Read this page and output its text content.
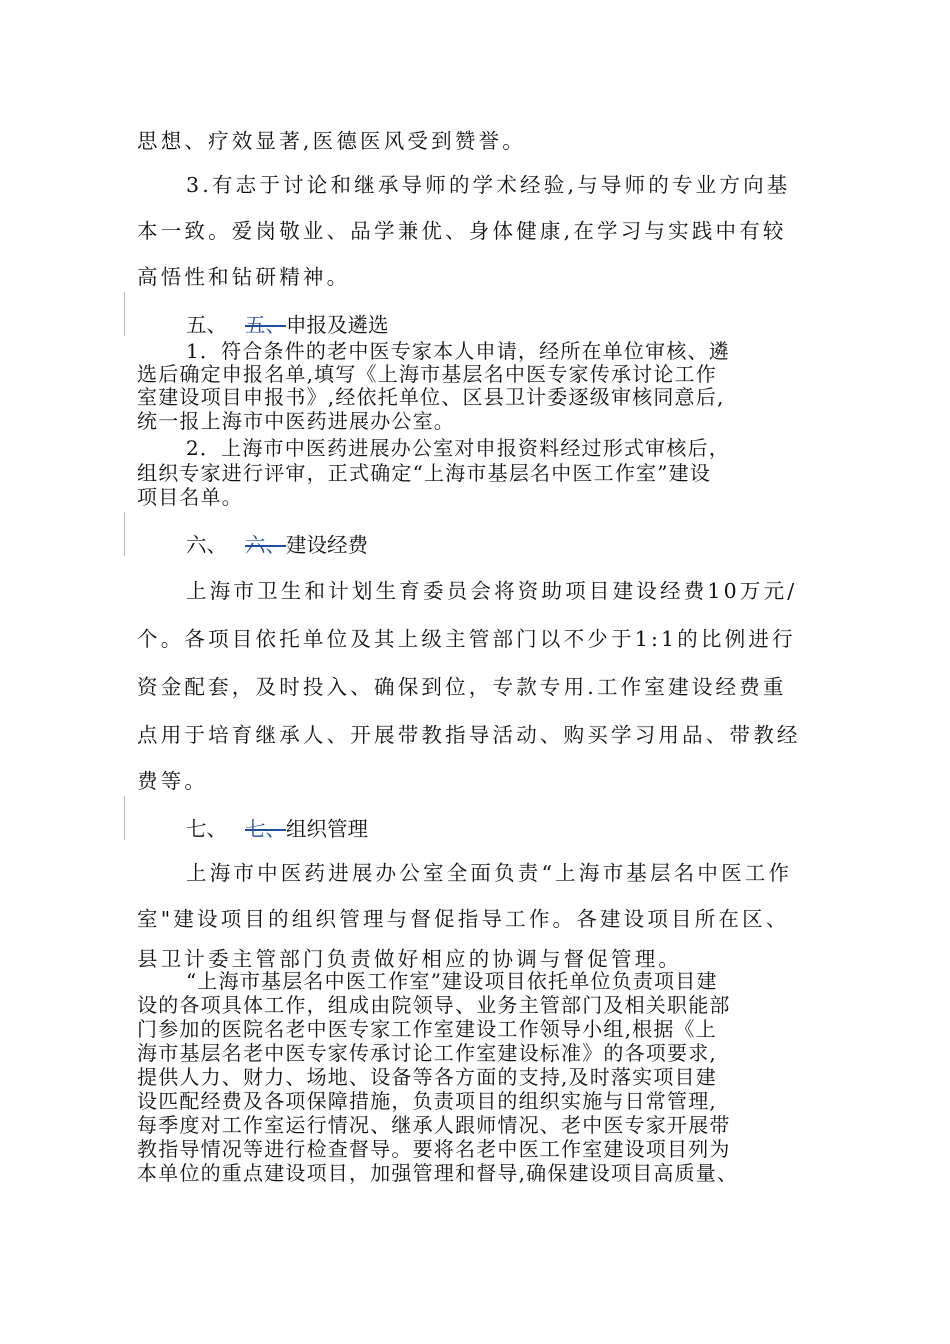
思想、疗效显著,医德医风受到赞誉。
3.有志于讨论和继承导师的学术经验,与导师的专业方向基
本一致。爱岗敬业、品学兼优、身体健康,在学习与实践中有较
高悟性和钻研精神。
五、 五、申报及遴选
1．符合条件的老中医专家本人申请，经所在单位审核、遴
选后确定申报名单,填写《上海市基层名中医专家传承讨论工作
室建设项目申报书》,经依托单位、区县卫计委逐级审核同意后,
统一报上海市中医药进展办公室。
2．上海市中医药进展办公室对申报资料经过形式审核后，
组织专家进行评审，正式确定“上海市基层名中医工作室”建设
项目名单。
六、 六、建设经费
上海市卫生和计划生育委员会将资助项目建设经费10万元/
个。各项目依托单位及其上级主管部门以不少于1:1的比例进行
资金配套，及时投入、确保到位，专款专用.工作室建设经费重
点用于培育继承人、开展带教指导活动、购买学习用品、带教经
费等。
七、 七、组织管理
上海市中医药进展办公室全面负责“上海市基层名中医工作
室"建设项目的组织管理与督促指导工作。各建设项目所在区、
县卫计委主管部门负责做好相应的协调与督促管理。
“上海市基层名中医工作室”建设项目依托单位负责项目建
设的各项具体工作，组成由院领导、业务主管部门及相关职能部
门参加的医院名老中医专家工作室建设工作领导小组,根据《上
海市基层名老中医专家传承讨论工作室建设标准》的各项要求,
提供人力、财力、场地、设备等各方面的支持,及时落实项目建
设匹配经费及各项保障措施，负责项目的组织实施与日常管理,
每季度对工作室运行情况、继承人跟师情况、老中医专家开展带
教指导情况等进行检查督导。要将名老中医工作室建设项目列为
本单位的重点建设项目，加强管理和督导,确保建设项目高质量、
